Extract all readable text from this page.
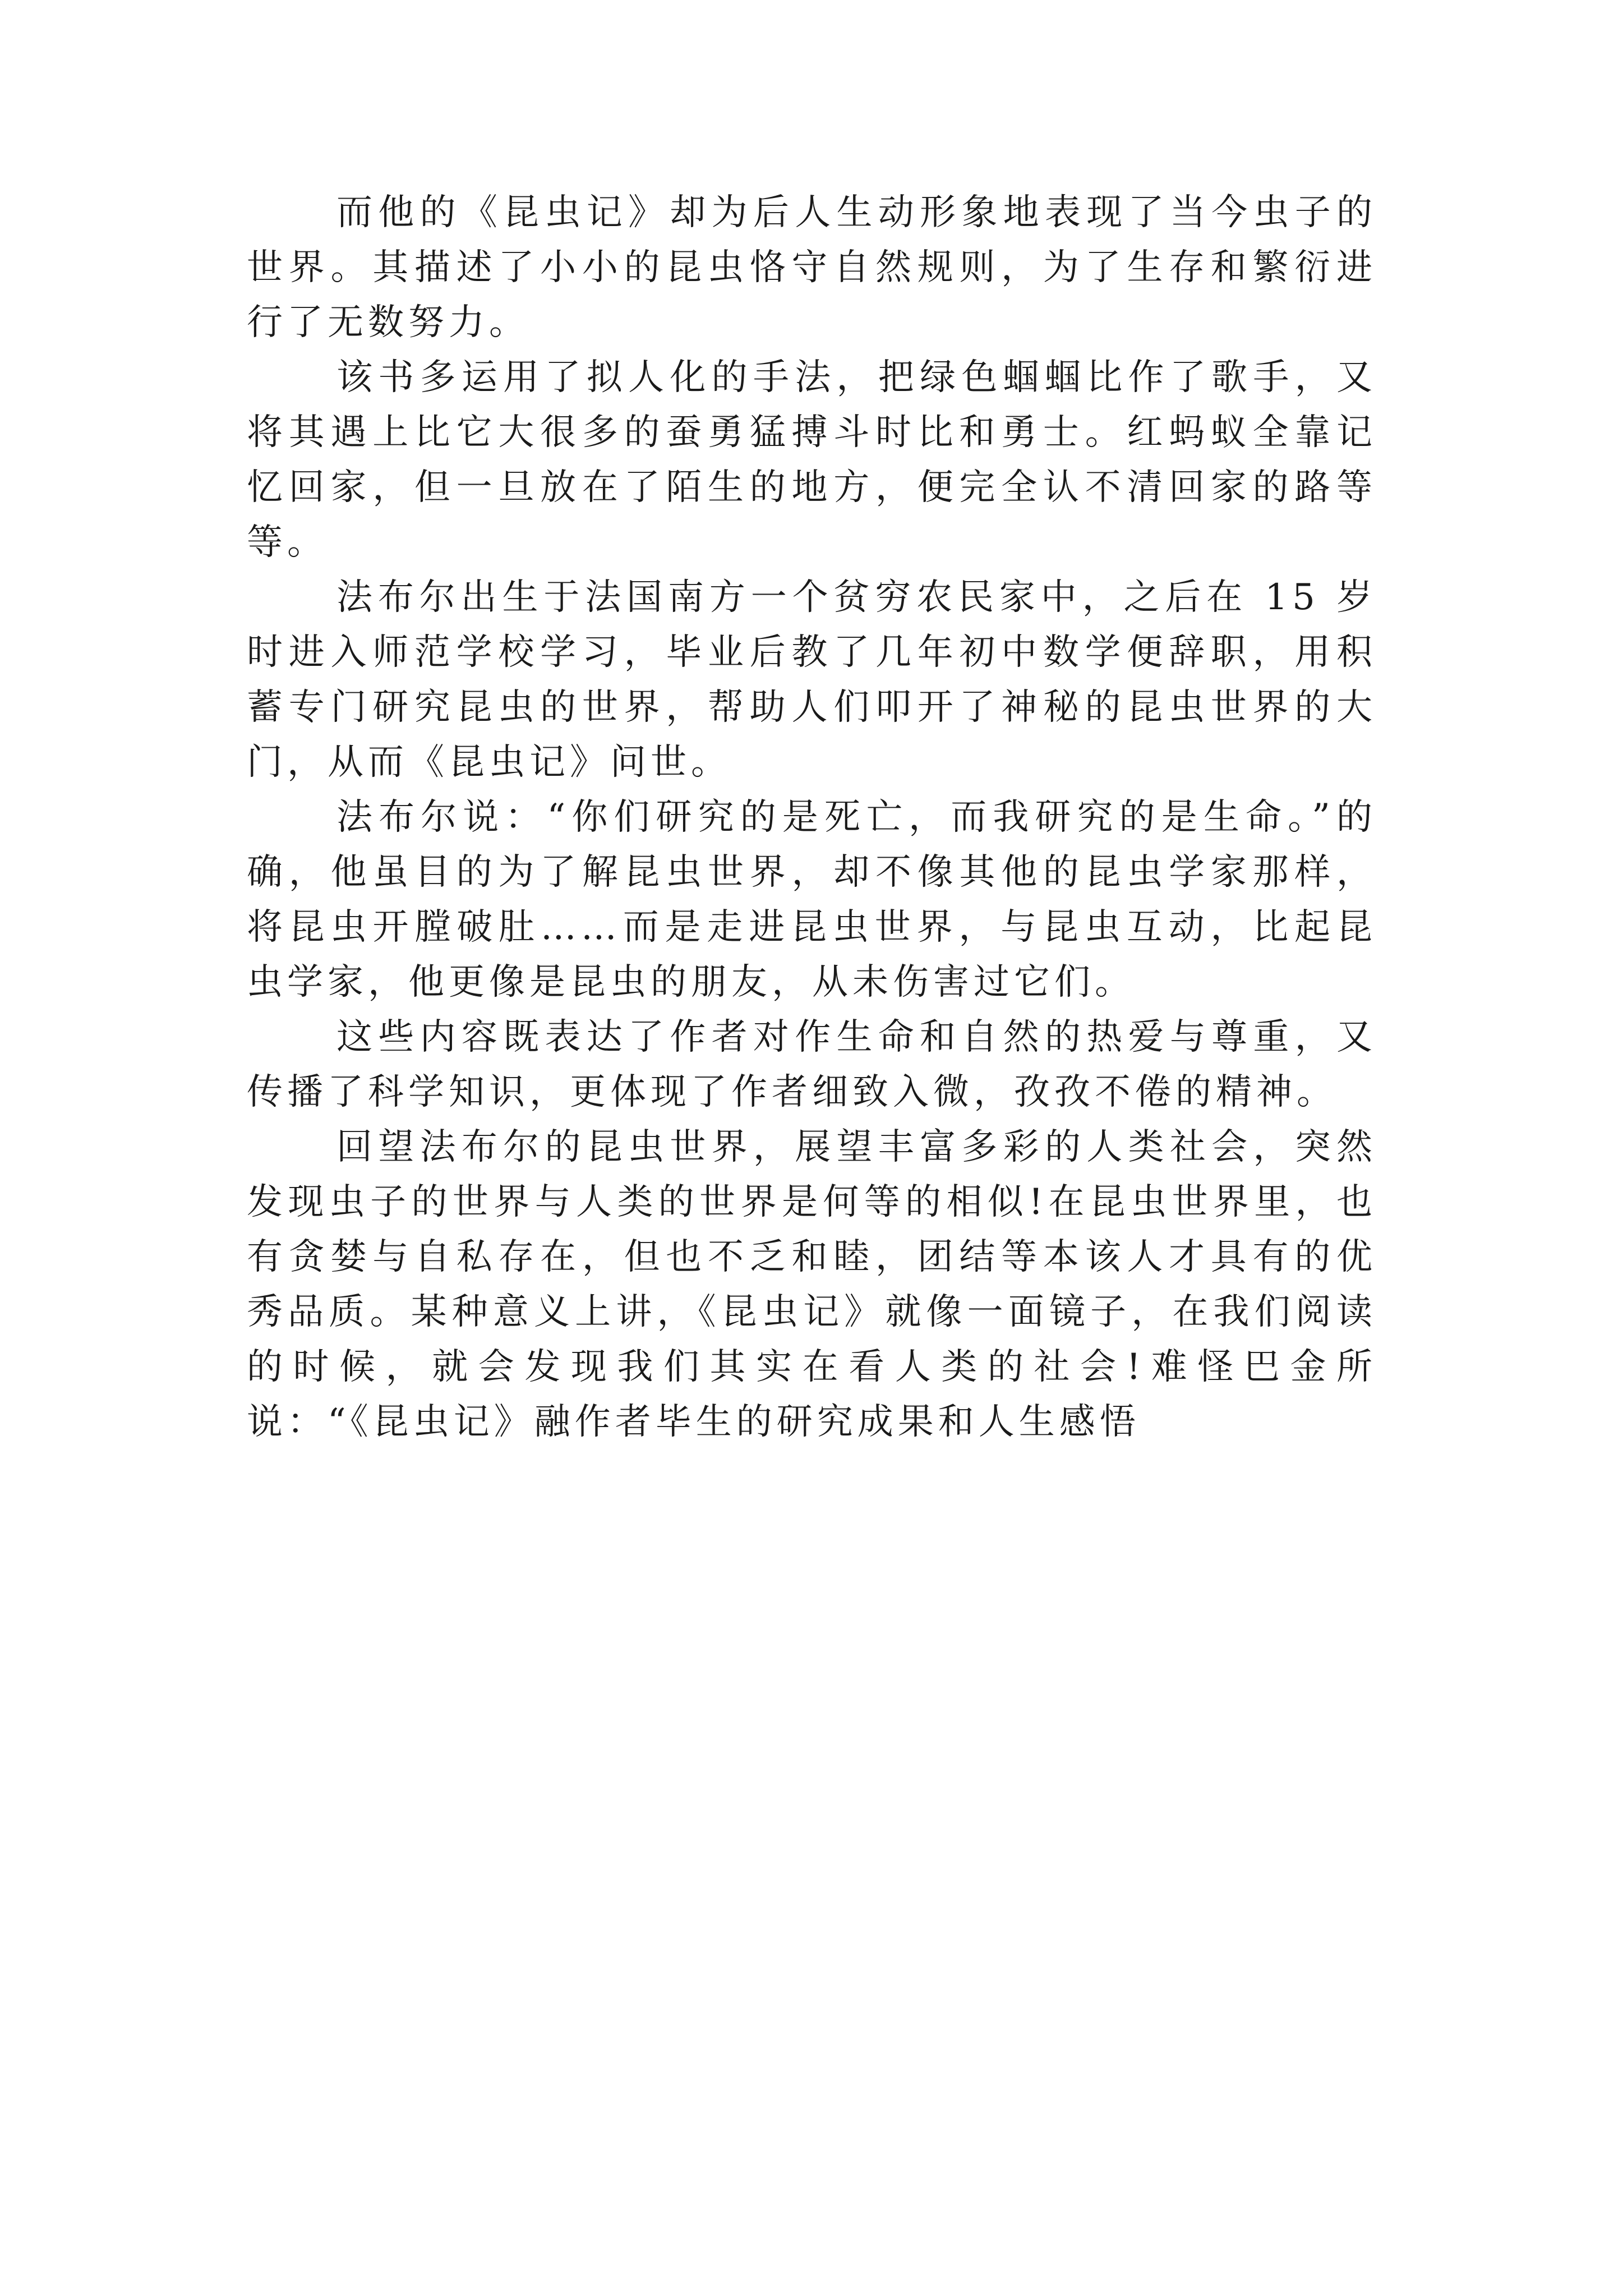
而他的《昆虫记》却为后人生动形象地表现了当今虫子的世界。其描述了小小的昆虫恪守自然规则，为了生存和繁衍进行了无数努力。

该书多运用了拟人化的手法，把绿色蝈蝈比作了歌手，又将其遇上比它大很多的蚕勇猛搏斗时比和勇士。红蚂蚁全靠记忆回家，但一旦放在了陌生的地方，便完全认不清回家的路等等。

法布尔出生于法国南方一个贫穷农民家中，之后在 15 岁时进入师范学校学习，毕业后教了几年初中数学便辞职，用积蓄专门研究昆虫的世界，帮助人们叩开了神秘的昆虫世界的大门，从而《昆虫记》问世。

法布尔说：“你们研究的是死亡，而我研究的是生命。”的确，他虽目的为了解昆虫世界，却不像其他的昆虫学家那样，将昆虫开膛破肚……而是走进昆虫世界，与昆虫互动，比起昆虫学家，他更像是昆虫的朋友，从未伤害过它们。

这些内容既表达了作者对作生命和自然的热爱与尊重，又传播了科学知识，更体现了作者细致入微，孜孜不倦的精神。

回望法布尔的昆虫世界，展望丰富多彩的人类社会，突然发现虫子的世界与人类的世界是何等的相似!在昆虫世界里，也有贪婪与自私存在，但也不乏和睦，团结等本该人才具有的优秀品质。某种意义上讲，《昆虫记》就像一面镜子，在我们阅读的时候，就会发现我们其实在看人类的社会!难怪巴金所说：“《昆虫记》融作者毕生的研究成果和人生感悟
